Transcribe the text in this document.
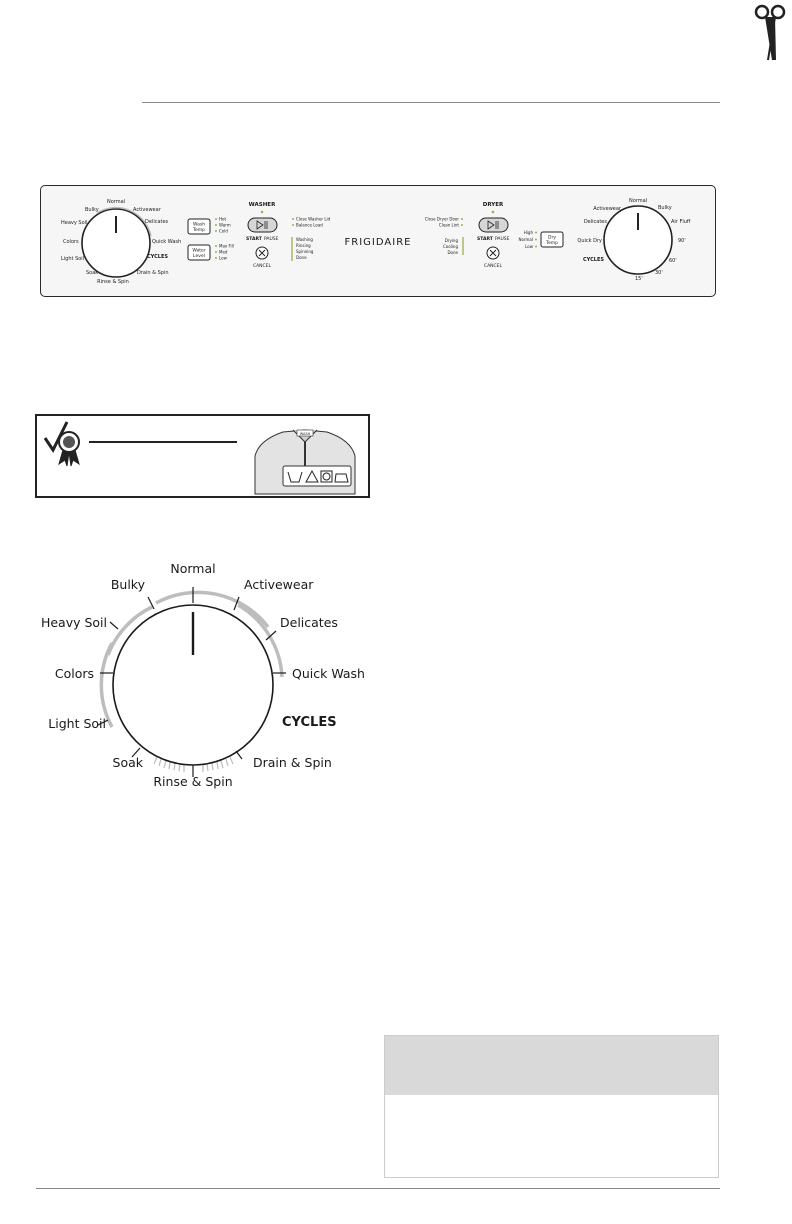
Normal
Activewear
Delicates
Quick Wash
CYCLES
Drain & Spin
Rinse & Spin
Soak
Light Soil
Colors
Heavy Soil
Bulky
Wash
Temp
Hot
Warm
Cold
Water
Level
Max Fill
Med
Low
WASHER
START PAUSE
CANCEL
Close Washer Lid
Balance Load
Washing
Rinsing
Spinning
Done
FRIGIDAIRE
Close Dryer Door
Clean Lint
Drying
Cooling
Done
DRYER
START PAUSE
CANCEL
High
Normal
Low
Dry
Temp
Normal
Bulky
Air Fluff
90'
60'
30'
15'
Quick Dry
Delicates
Activewear
CYCLES
WASH
Normal
Activewear
Delicates
Quick Wash
CYCLES
Drain & Spin
Rinse & Spin
Soak
Light Soil
Colors
Heavy Soil
Bulky
